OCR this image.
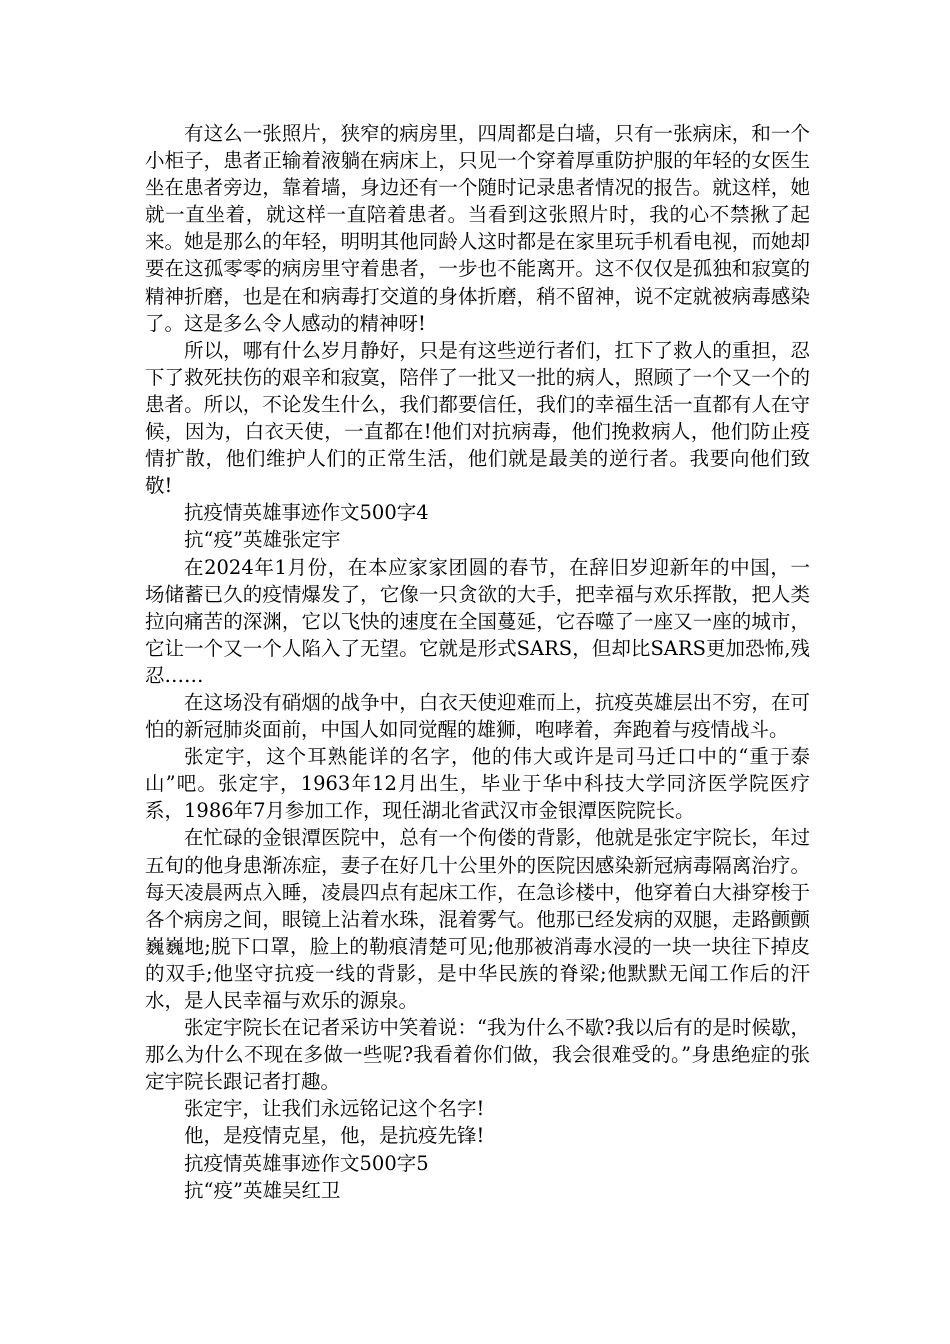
有这么一张照片，狭窄的病房里，四周都是白墙，只有一张病床，和一个小柜子，患者正输着液躺在病床上，只见一个穿着厚重防护服的年轻的女医生坐在患者旁边，靠着墙，身边还有一个随时记录患者情况的报告。就这样，她就一直坐着，就这样一直陪着患者。当看到这张照片时，我的心不禁揪了起来。她是那么的年轻，明明其他同龄人这时都是在家里玩手机看电视，而她却要在这孤零零的病房里守着患者，一步也不能离开。这不仅仅是孤独和寂寞的精神折磨，也是在和病毒打交道的身体折磨，稍不留神，说不定就被病毒感染了。这是多么令人感动的精神呀!

所以，哪有什么岁月静好，只是有这些逆行者们，扛下了救人的重担，忍下了救死扶伤的艰辛和寂寞，陪伴了一批又一批的病人，照顾了一个又一个的患者。所以，不论发生什么，我们都要信任，我们的幸福生活一直都有人在守候，因为，白衣天使，一直都在!他们对抗病毒，他们挽救病人，他们防止疫情扩散，他们维护人们的正常生活，他们就是最美的逆行者。我要向他们致敬!

抗疫情英雄事迹作文500字4

抗“疫”英雄张定宇

在2024年1月份，在本应家家团圆的春节，在辞旧岁迎新年的中国，一场储蓄已久的疫情爆发了，它像一只贪欲的大手，把幸福与欢乐挥散，把人类拉向痛苦的深渊，它以飞快的速度在全国蔓延，它吞噬了一座又一座的城市，它让一个又一个人陷入了无望。它就是形式SARS，但却比SARS更加恐怖,残忍……

在这场没有硝烟的战争中，白衣天使迎难而上，抗疫英雄层出不穷，在可怕的新冠肺炎面前，中国人如同觉醒的雄狮，咆哮着，奔跑着与疫情战斗。

张定宇，这个耳熟能详的名字，他的伟大或许是司马迁口中的“重于泰山”吧。张定宇，1963年12月出生，毕业于华中科技大学同济医学院医疗系，1986年7月参加工作，现任湖北省武汉市金银潭医院院长。

在忙碌的金银潭医院中，总有一个佝偻的背影，他就是张定宇院长，年过五旬的他身患渐冻症，妻子在好几十公里外的医院因感染新冠病毒隔离治疗。每天凌晨两点入睡，凌晨四点有起床工作，在急诊楼中，他穿着白大褂穿梭于各个病房之间，眼镜上沾着水珠，混着雾气。他那已经发病的双腿，走路颤颤巍巍地;脱下口罩，脸上的勒痕清楚可见;他那被消毒水浸的一块一块往下掉皮的双手;他坚守抗疫一线的背影，是中华民族的脊梁;他默默无闻工作后的汗水，是人民幸福与欢乐的源泉。

张定宇院长在记者采访中笑着说：“我为什么不歇?我以后有的是时候歇，那么为什么不现在多做一些呢?我看着你们做，我会很难受的。”身患绝症的张定宇院长跟记者打趣。

张定宇，让我们永远铭记这个名字!

他，是疫情克星，他，是抗疫先锋!

抗疫情英雄事迹作文500字5

抗“疫”英雄吴红卫
